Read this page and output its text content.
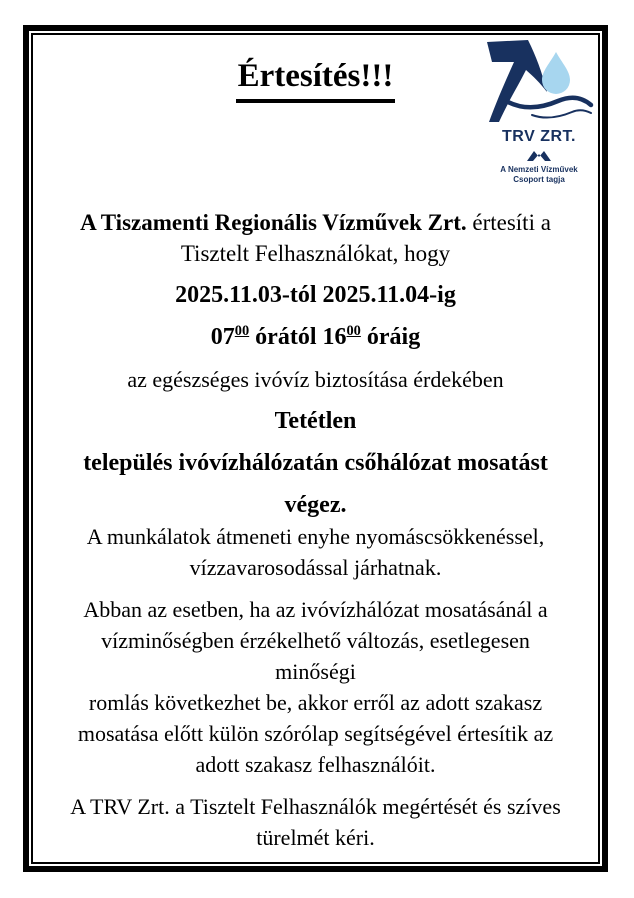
TRV ZRT.
A Nemzeti Vízművek
Csoport tagja
Értesítés!!!

A Tiszamenti Regionális Vízművek Zrt. értesíti a
Tisztelt Felhasználókat, hogy

2025.11.03-tól 2025.11.04-ig

$07^{00}$ órától $16^{00}$ óráig

az egészséges ivóvíz biztosítása érdekében

Tetétlen

település ivóvízhálózatán csőhálózat mosatást

végez.

A munkálatok átmeneti enyhe nyomáscsökkenéssel,
vízzavarosodással járhatnak.

Abban az esetben, ha az ivóvízhálózat mosatásánál a
vízminőségben érzékelhető változás, esetlegesen minőségi
romlás következhet be, akkor erről az adott szakasz
mosatása előtt külön szórólap segítségével értesítik az
adott szakasz felhasználóit.

A TRV Zrt. a Tisztelt Felhasználók megértését és szíves
türelmét kéri.
